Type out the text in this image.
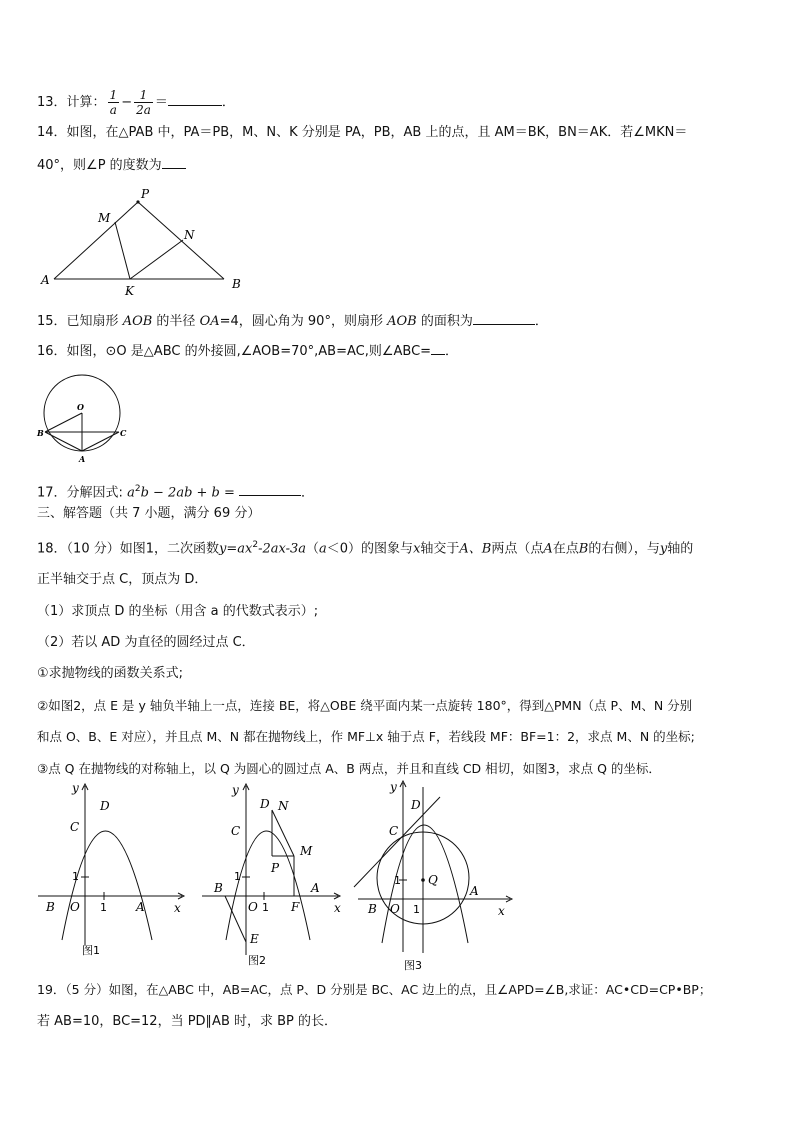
13．计算： $\frac{1}{a} - \frac{1}{2a}$ ＝	．
14．如图，在△PAB 中，PA＝PB，M、N、K 分别是 PA，PB，AB 上的点，且 AM＝BK，BN＝AK．若∠MKN＝
40°，则∠P 的度数为
P
M
N
A
K	B
15．已知扇形 AOB 的半径 OA=4，圆心角为 90°，则扇形 AOB 的面积为	．
16．如图，⊙O 是△ABC 的外接圆,∠AOB=70°,AB=AC,则∠ABC= ．
O
B	C
A
17．分解因式: $a^2b - 2ab + b$ =	．
三、解答题（共 7 小题，满分 69 分）
18．（10 分）如图1，二次函数$y=ax^2-2ax-3a(a<0)$的图象与x轴交于A、B两点（点A在点B的右侧），与y轴的
正半轴交于点 C，顶点为 D．
（1）求顶点 D 的坐标（用含 a 的代数式表示）;
（2）若以 AD 为直径的圆经过点 C．
①求抛物线的函数关系式;
②如图2，点 E 是 y 轴负半轴上一点，连接 BE，将△OBE 绕平面内某一点旋转 180°，得到△PMN（点 P、M、N 分别
和点 O、B、E 对应），并且点 M、N 都在抛物线上，作 MF⊥x 轴于点 F，若线段 MF：BF=1：2，求点 M、N 的坐标;
③点 Q 在抛物线的对称轴上，以 Q 为圆心的圆过点 A、B 两点，并且和直线 CD 相切，如图3，求点 Q 的坐标．
y
x
D
C
1
B O 1 A
图1
y
x
D N
C
M
P
B
1
A
O 1 F
E
图2
y
x
D
C
1 Q
A
B O 1
图3
19．（5 分）如图，在△ABC 中，AB=AC，点 P、D 分别是 BC、AC 边上的点，且∠APD=∠B,求证：AC•CD=CP•BP；
若 AB=10，BC=12，当 PD∥AB 时，求 BP 的长．
